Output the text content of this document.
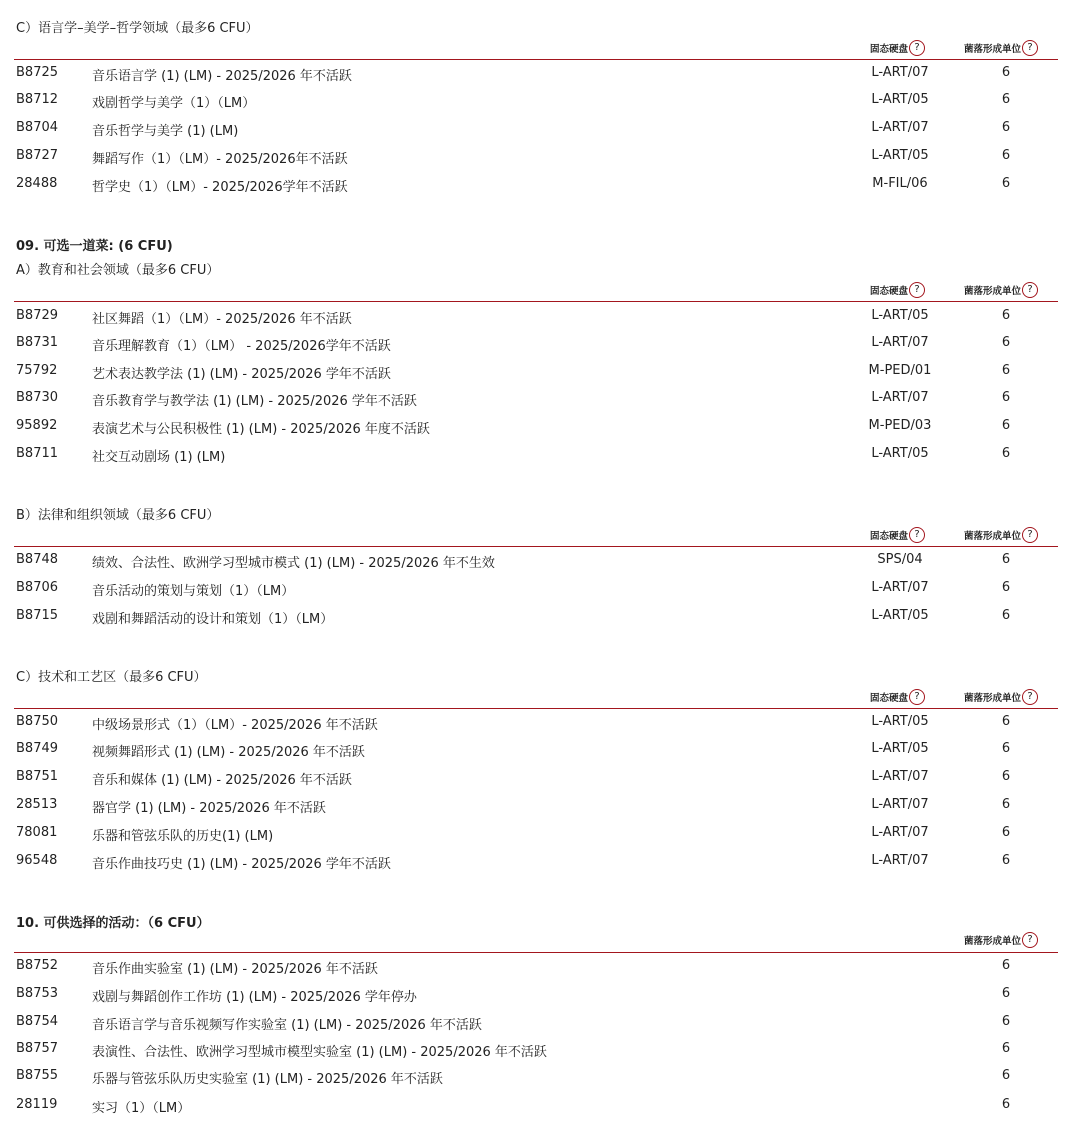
C）语言学–美学–哲学领域（最多6 CFU）
固态硬盘 ?	菌落形成单位 ?
B8725	音乐语言学 (1) (LM) - 2025/2026 年不活跃	L-ART/07	6
B8712	戏剧哲学与美学（1）（LM）	L-ART/05	6
B8704	音乐哲学与美学 (1) (LM)	L-ART/07	6
B8727	舞蹈写作（1）（LM）- 2025/2026年不活跃	L-ART/05	6
28488	哲学史（1）（LM）- 2025/2026学年不活跃	M-FIL/06	6
09. 可选一道菜: (6 CFU)
A）教育和社会领域（最多6 CFU）
固态硬盘 ?	菌落形成单位 ?
B8729	社区舞蹈（1）（LM）- 2025/2026 年不活跃	L-ART/05	6
B8731	音乐理解教育（1）（LM） - 2025/2026学年不活跃	L-ART/07	6
75792	艺术表达教学法 (1) (LM) - 2025/2026 学年不活跃	M-PED/01	6
B8730	音乐教育学与教学法 (1) (LM) - 2025/2026 学年不活跃	L-ART/07	6
95892	表演艺术与公民积极性 (1) (LM) - 2025/2026 年度不活跃	M-PED/03	6
B8711	社交互动剧场 (1) (LM)	L-ART/05	6
B）法律和组织领域（最多6 CFU）
固态硬盘 ?	菌落形成单位 ?
B8748	绩效、合法性、欧洲学习型城市模式 (1) (LM) - 2025/2026 年不生效	SPS/04	6
B8706	音乐活动的策划与策划（1）（LM）	L-ART/07	6
B8715	戏剧和舞蹈活动的设计和策划（1）（LM）	L-ART/05	6
C）技术和工艺区（最多6 CFU）
固态硬盘 ?	菌落形成单位 ?
B8750	中级场景形式（1）（LM）- 2025/2026 年不活跃	L-ART/05	6
B8749	视频舞蹈形式 (1) (LM) - 2025/2026 年不活跃	L-ART/05	6
B8751	音乐和媒体 (1) (LM) - 2025/2026 年不活跃	L-ART/07	6
28513	器官学 (1) (LM) - 2025/2026 年不活跃	L-ART/07	6
78081	乐器和管弦乐队的历史(1) (LM)	L-ART/07	6
96548	音乐作曲技巧史 (1) (LM) - 2025/2026 学年不活跃	L-ART/07	6
10. 可供选择的活动：（6 CFU）
菌落形成单位 ?
B8752	音乐作曲实验室 (1) (LM) - 2025/2026 年不活跃	6
B8753	戏剧与舞蹈创作工作坊 (1) (LM) - 2025/2026 学年停办	6
B8754	音乐语言学与音乐视频写作实验室 (1) (LM) - 2025/2026 年不活跃	6
B8757	表演性、合法性、欧洲学习型城市模型实验室 (1) (LM) - 2025/2026 年不活跃	6
B8755	乐器与管弦乐队历史实验室 (1) (LM) - 2025/2026 年不活跃	6
28119	实习（1）（LM）	6
